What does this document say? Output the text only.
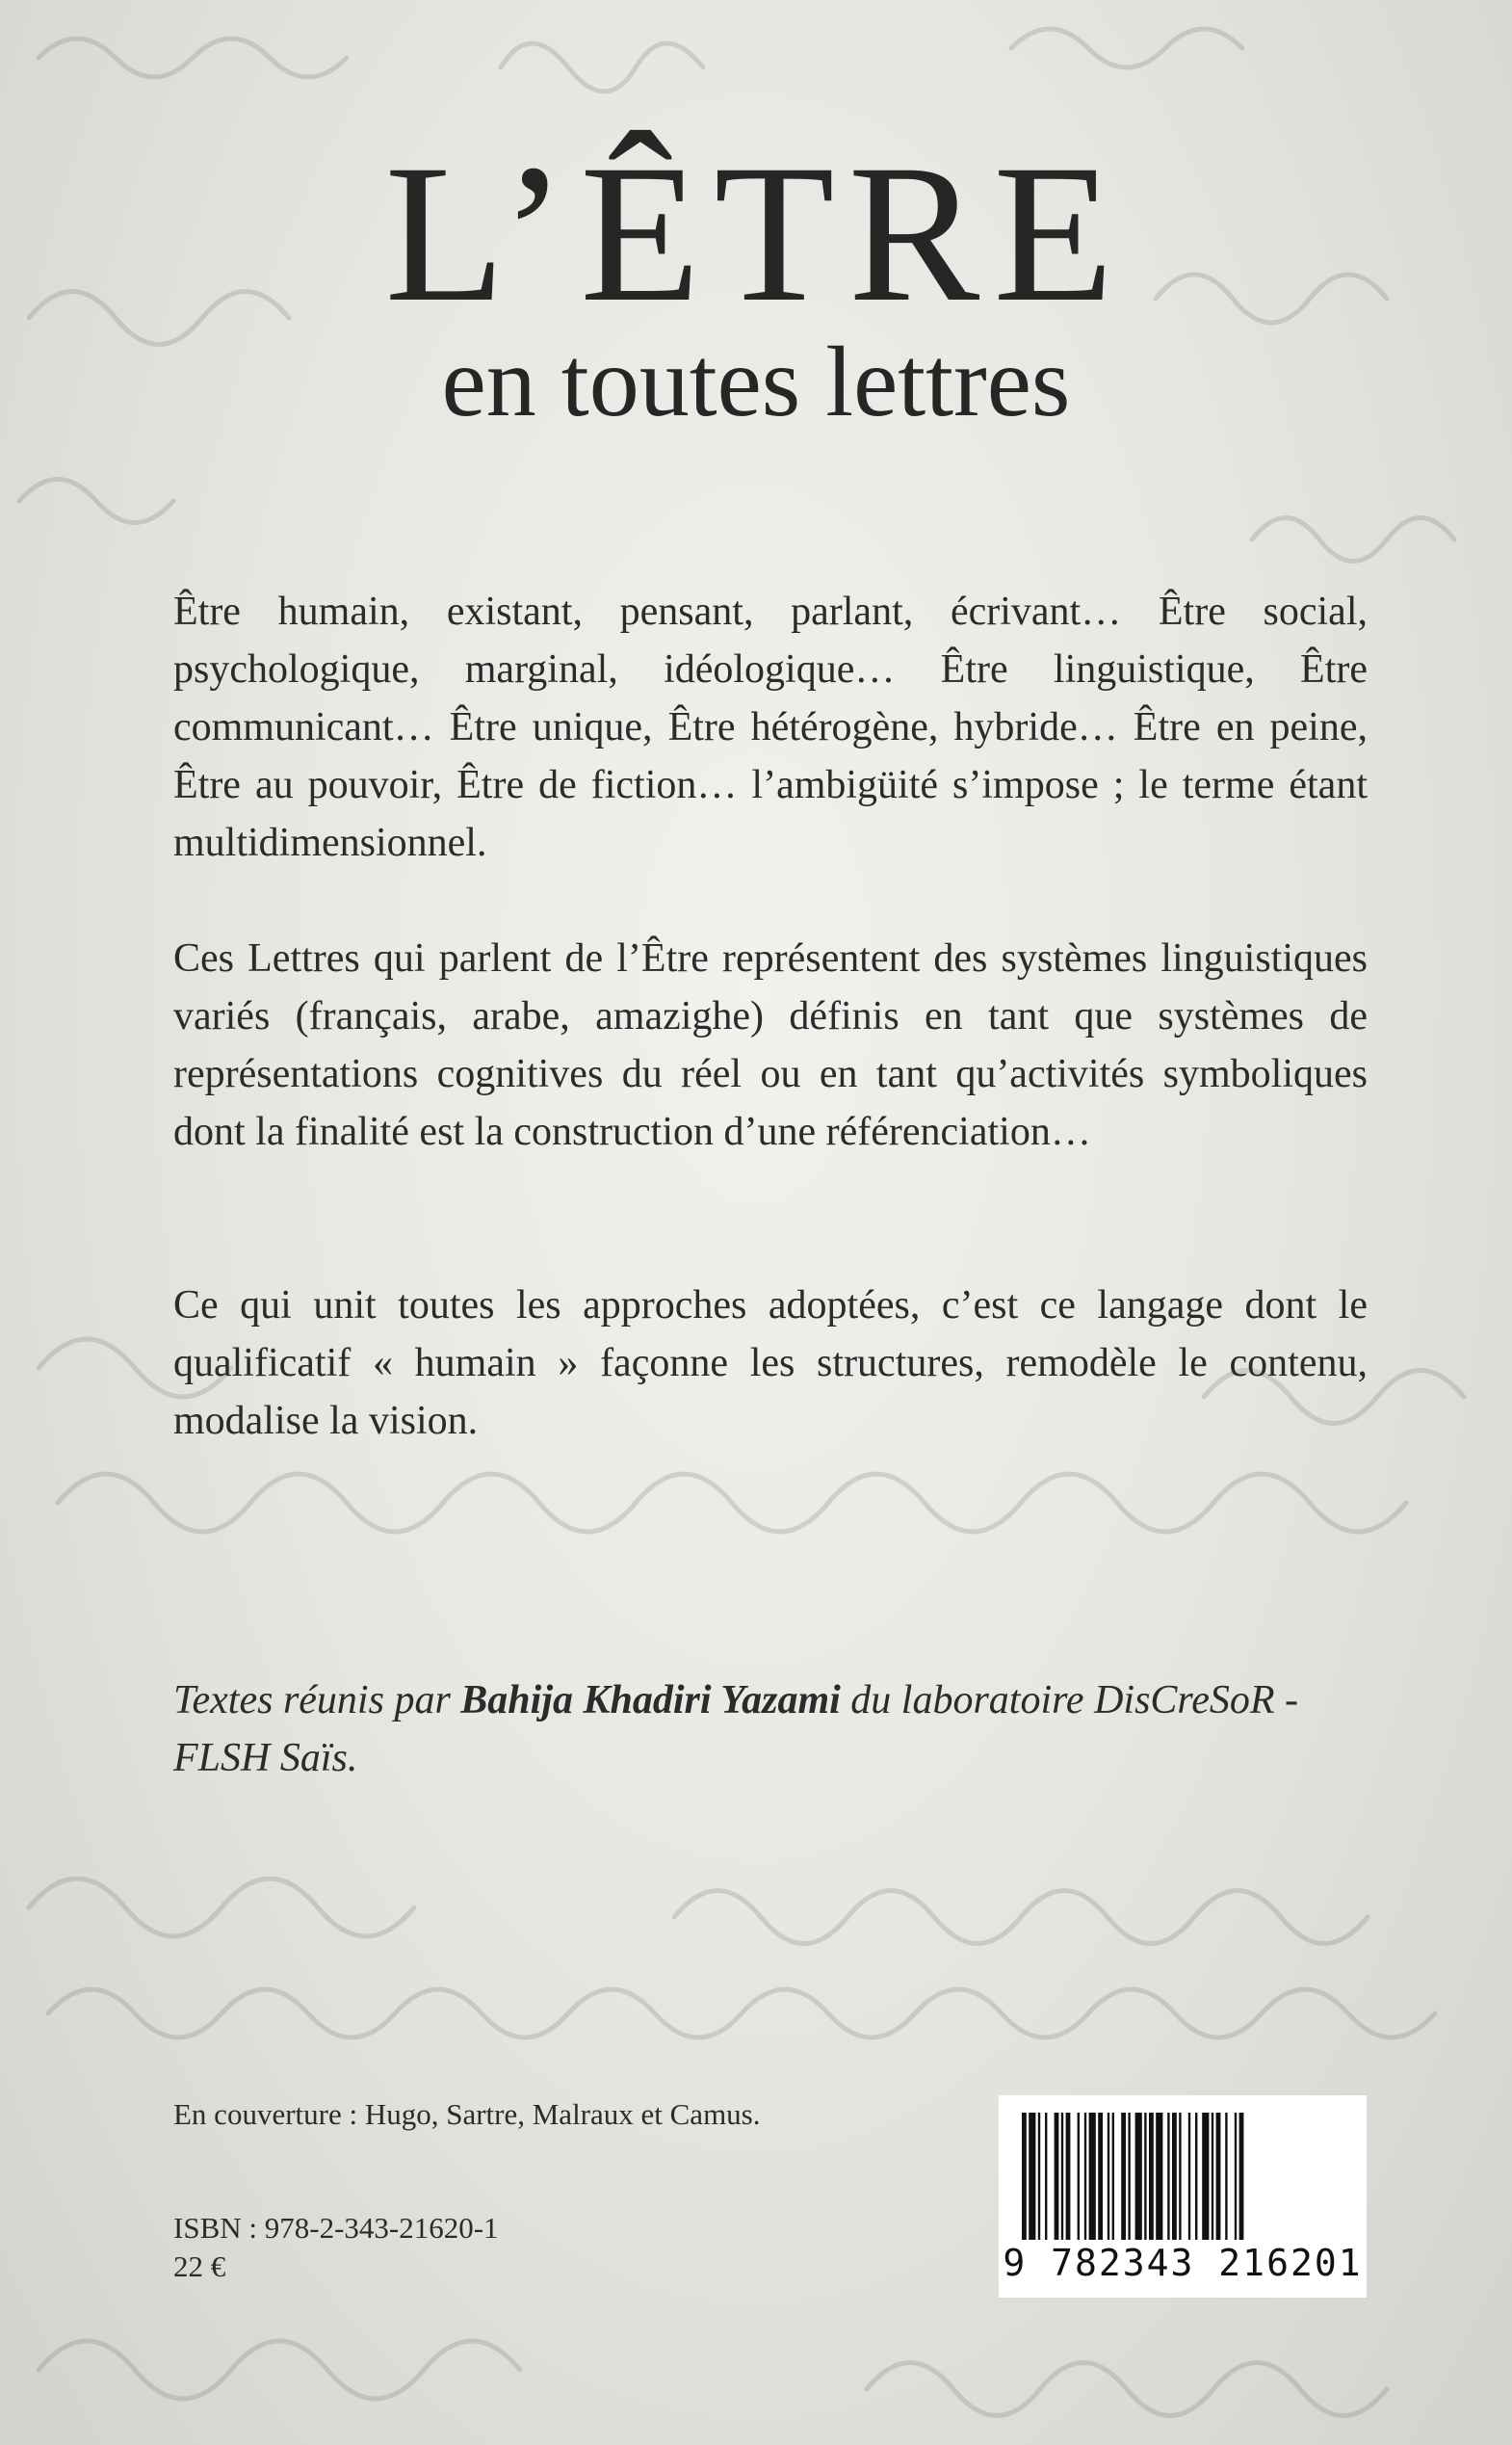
L’ÊTRE
en toutes lettres

Être humain, existant, pensant, parlant, écrivant… Être social, psychologique, marginal, idéologique… Être linguistique, Être communicant… Être unique, Être hétérogène, hybride… Être en peine, Être au pouvoir, Être de fiction… l’ambigüité s’impose ; le terme étant multidimensionnel.

Ces Lettres qui parlent de l’Être représentent des systèmes linguistiques variés (français, arabe, amazighe) définis en tant que systèmes de représentations cognitives du réel ou en tant qu’activités symboliques dont la finalité est la construction d’une référenciation…

Ce qui unit toutes les approches adoptées, c’est ce langage dont le qualificatif « humain » façonne les structures, remodèle le contenu, modalise la vision.

Textes réunis par Bahija Khadiri Yazami du laboratoire DisCreSoR -FLSH Saïs.
En couverture : Hugo, Sartre, Malraux et Camus.
ISBN : 978-2-343-21620-1
22 €	9 782343 216201
